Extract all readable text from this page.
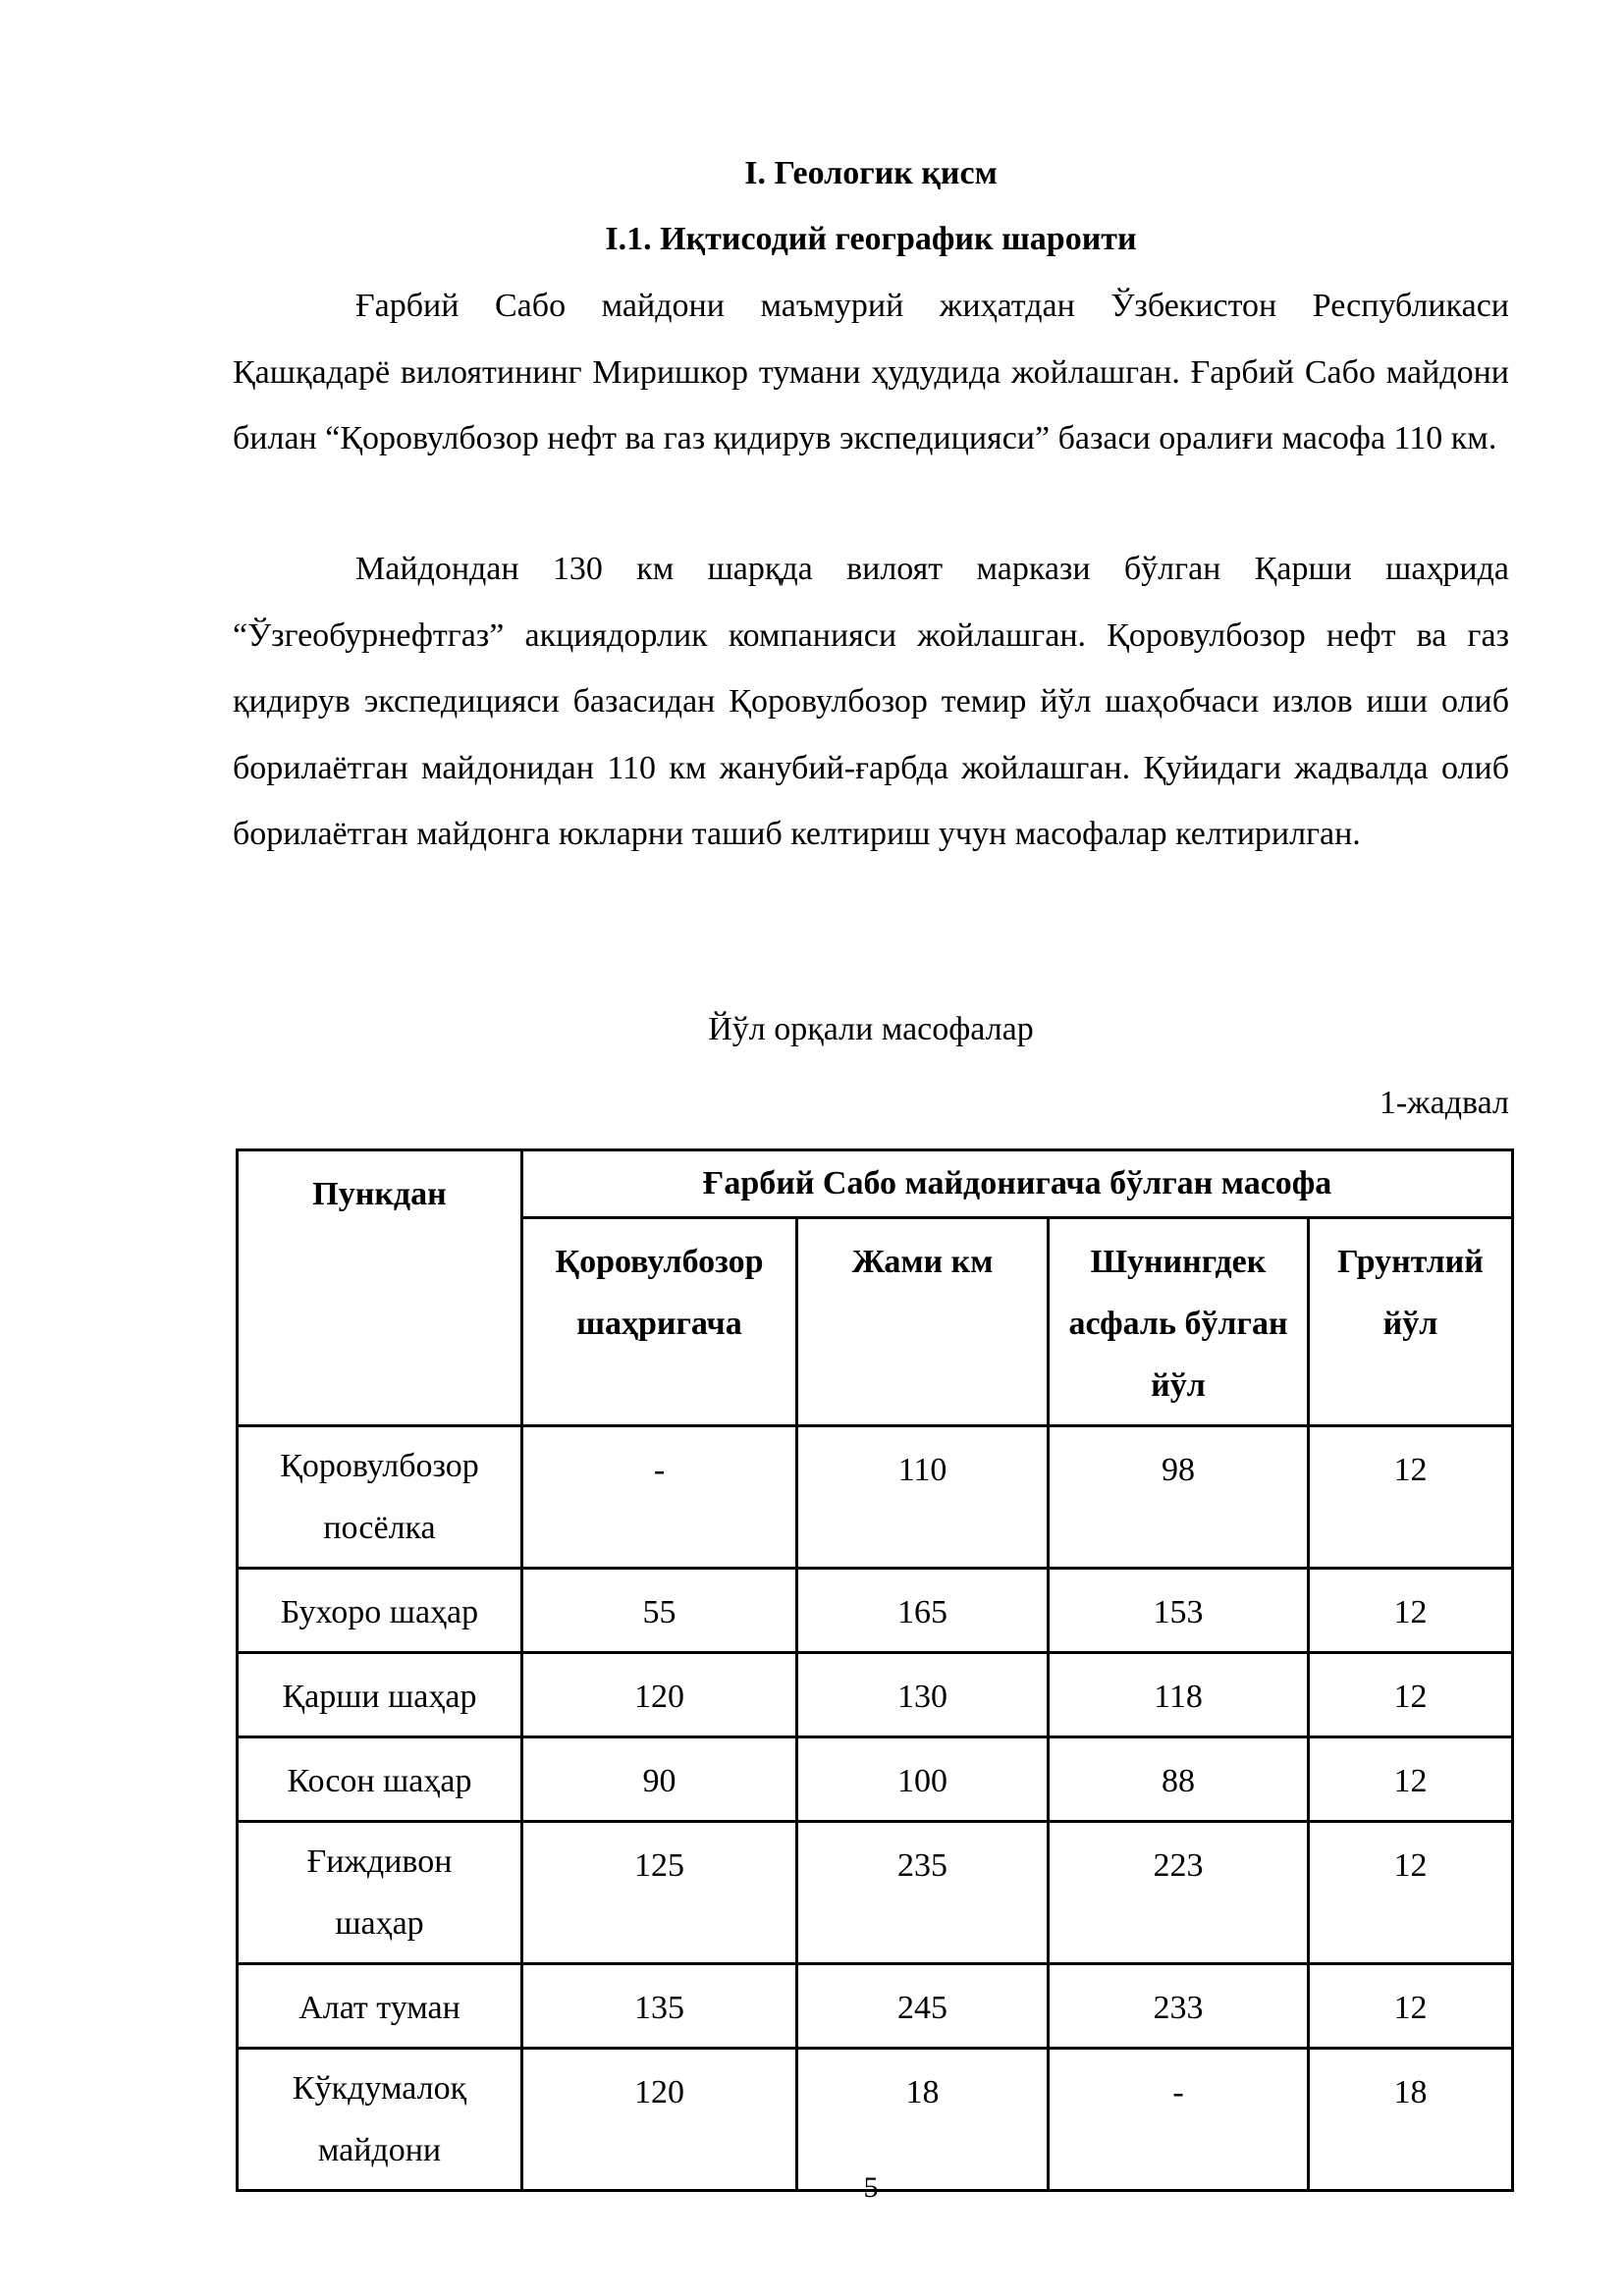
I. Геологик қисм
I.1. Иқтисодий географик шароити

Ғарбий Сабо майдони маъмурий жиҳатдан Ўзбекистон Республикаси Қашқадарё вилоятининг Миришкор тумани ҳудудида жойлашган. Ғарбий Сабо майдони билан “Қоровулбозор нефт ва газ қидирув экспедицияси” базаси оралиғи масофа 110 км.

Майдондан 130 км шарқда вилоят маркази бўлган Қарши шаҳрида “Ўзгеобурнефтгаз” акциядорлик компанияси жойлашган. Қоровулбозор нефт ва газ қидирув экспедицияси базасидан Қоровулбозор темир йўл шаҳобчаси излов иши олиб борилаётган майдонидан 110 км жанубий-ғарбда жойлашган. Қуйидаги жадвалда олиб борилаётган майдонга юкларни ташиб келтириш учун масофалар келтирилган.

Йўл орқали масофалар

1-жадвал

Пункдан	Ғарбий Сабо майдонигача бўлган масофа			
	Қоровулбозор шаҳригача	Жами км	Шунингдек асфаль бўлган йўл	Грунтлий йўл
Қоровулбозор посёлка	-	110	98	12
Бухоро шаҳар	55	165	153	12
Қарши шаҳар	120	130	118	12
Косон шаҳар	90	100	88	12
Ғиждивон шаҳар	125	235	223	12
Алат туман	135	245	233	12
Кўкдумалоқ майдони	120	18	-	18

5
